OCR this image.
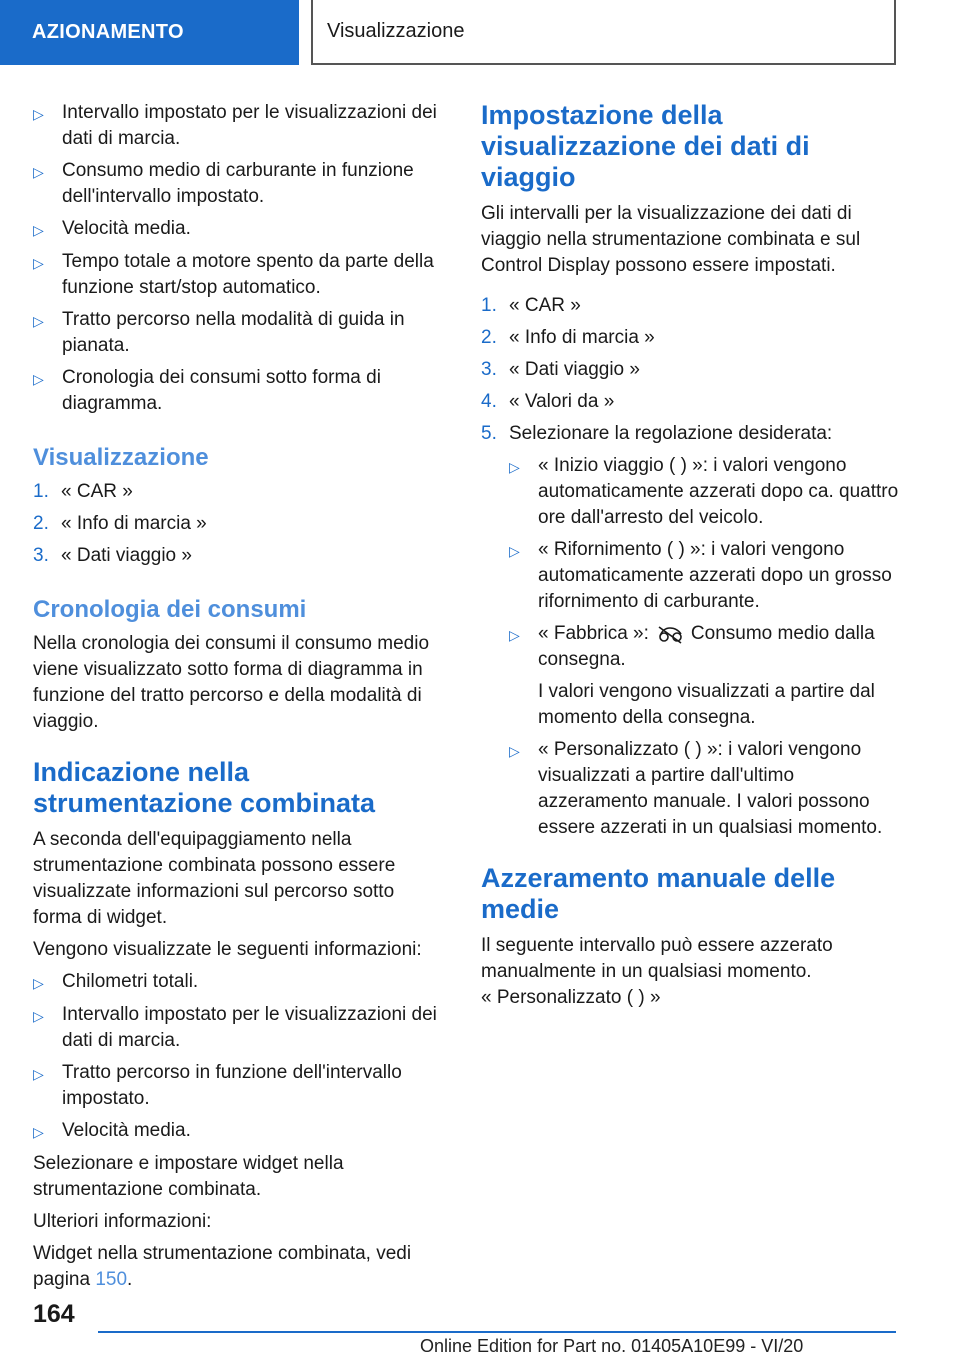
AZIONAMENTO	Visualizzazione
▷ Intervallo impostato per le visualizzazioni dei dati di marcia.
▷ Consumo medio di carburante in funzione dell'intervallo impostato.
▷ Velocità media.
▷ Tempo totale a motore spento da parte della funzione start/stop automatico.
▷ Tratto percorso nella modalità di guida in pianata.
▷ Cronologia dei consumi sotto forma di diagramma.
Visualizzazione
1. « CAR »
2. « Info di marcia »
3. « Dati viaggio »
Cronologia dei consumi

Nella cronologia dei consumi il consumo medio viene visualizzato sotto forma di diagramma in funzione del tratto percorso e della modalità di viaggio.

Indicazione nella strumentazione combinata

A seconda dell'equipaggiamento nella strumentazione combinata possono essere visualizzate informazioni sul percorso sotto forma di widget.

Vengono visualizzate le seguenti informazioni:

▷ Chilometri totali.
▷ Intervallo impostato per le visualizzazioni dei dati di marcia.
▷ Tratto percorso in funzione dell'intervallo impostato.
▷ Velocità media.

Selezionare e impostare widget nella strumentazione combinata.

Ulteriori informazioni:

Widget nella strumentazione combinata, vedi pagina 150.

Impostazione della visualizzazione dei dati di viaggio

Gli intervalli per la visualizzazione dei dati di viaggio nella strumentazione combinata e sul Control Display possono essere impostati.

1. « CAR »
2. « Info di marcia »
3. « Dati viaggio »
4. « Valori da »
5. Selezionare la regolazione desiderata:
▷ « Inizio viaggio ( ) »: i valori vengono automaticamente azzerati dopo ca. quattro ore dall'arresto del veicolo.
▷ « Rifornimento ( ) »: i valori vengono automaticamente azzerati dopo un grosso rifornimento di carburante.
▷ « Fabbrica »: Consumo medio dalla consegna.

I valori vengono visualizzati a partire dal momento della consegna.

▷ « Personalizzato ( ) »: i valori vengono visualizzati a partire dall'ultimo azzeramento manuale. I valori possono essere azzerati in un qualsiasi momento.
Azzeramento manuale delle medie

Il seguente intervallo può essere azzerato manualmente in un qualsiasi momento.

« Personalizzato ( ) »

164
Online Edition for Part no. 01405A10E99 - VI/20
